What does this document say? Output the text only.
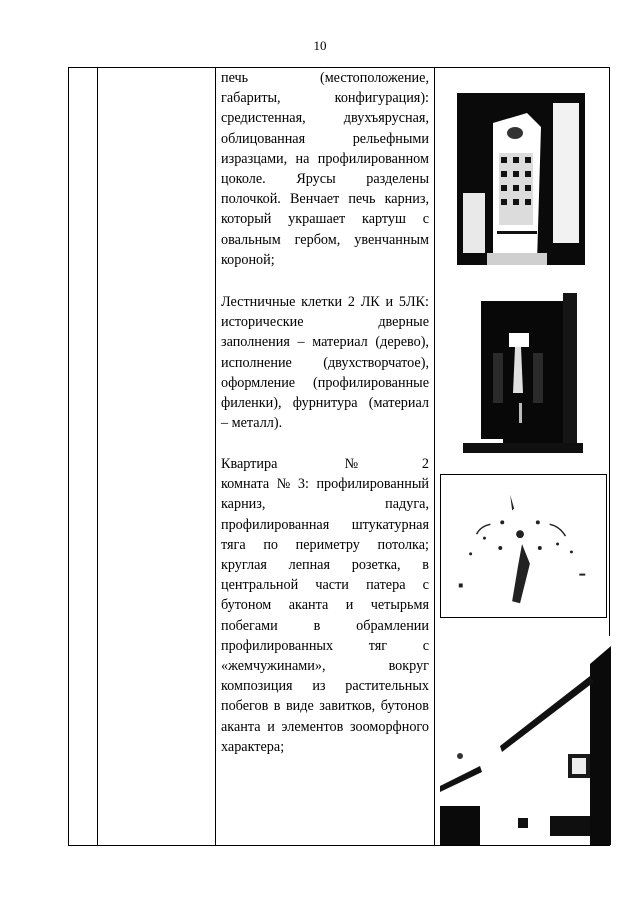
10
печь	(местоположение,
габариты,	конфигурация):
средистенная,	двухъярусная,
облицованная	рельефными
изразцами, на профилированном
цоколе. Ярусы разделены
полочкой. Венчает печь карниз,
который украшает картуш с
овальным гербом, увенчанным
короной;
Лестничные клетки 2 ЛК и 5ЛК:
исторические	дверные
заполнения – материал (дерево),
исполнение (двухстворчатое),
оформление (профилированные
филенки), фурнитура (материал
– металл).
Квартира №2
комната № 3: профилированный
карниз,	падуга,
профилированная штукатурная
тяга по периметру потолка;
круглая лепная розетка, в
центральной части патера с
бутоном аканта и четырьмя
побегами	в	обрамлении
профилированных	тяг	с
«жемчужинами»,	вокруг
композиция из растительных
побегов в виде завитков, бутонов
аканта и элементов зооморфного
характера;
